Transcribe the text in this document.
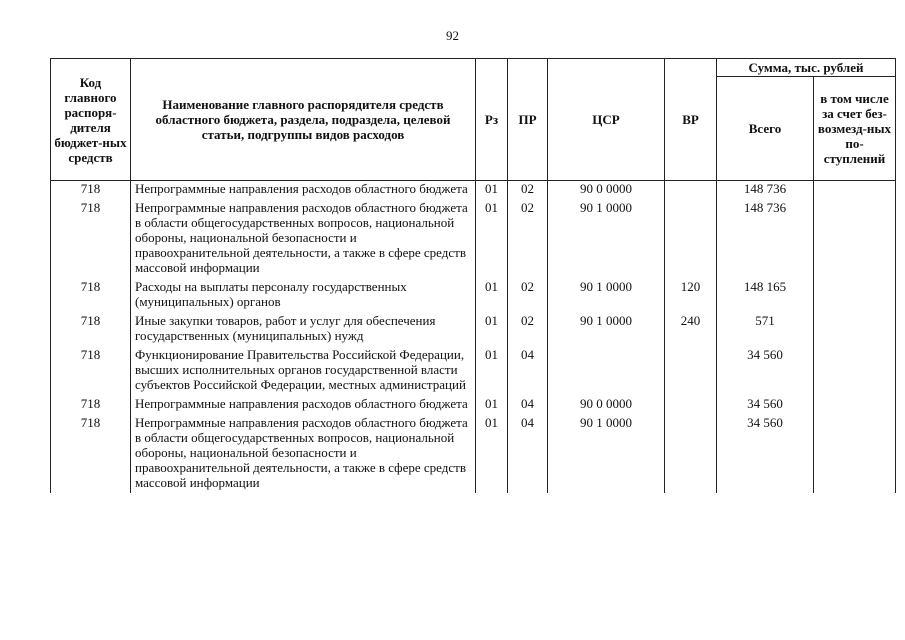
92
Код главного распоря-дителя бюджет-ных средств	Наименование главного распорядителя средств областного бюджета, раздела, подраздела, целевой статьи, подгруппы видов расходов	Рз	ПР	ЦСР	ВР	Сумма, тыс. рублей	
						Всего	в том числе за счет без-возмезд-ных по-ступлений
718	Непрограммные направления расходов областного бюджета	01	02	90 0 0000		148 736	
718	Непрограммные направления расходов областного бюджета в области общегосударственных вопросов, национальной обороны, национальной безопасности и правоохранительной деятельности, а также в сфере средств массовой информации	01	02	90 1 0000		148 736	
718	Расходы на выплаты персоналу государственных (муниципальных) органов	01	02	90 1 0000	120	148 165	
718	Иные закупки товаров, работ и услуг для обеспечения государственных (муниципальных) нужд	01	02	90 1 0000	240	571	
718	Функционирование Правительства Российской Федерации, высших исполнительных органов государственной власти субъектов Российской Федерации, местных администраций	01	04			34 560	
718	Непрограммные направления расходов областного бюджета	01	04	90 0 0000		34 560	
718	Непрограммные направления расходов областного бюджета в области общегосударственных вопросов, национальной обороны, национальной безопасности и правоохранительной деятельности, а также в сфере средств массовой информации	01	04	90 1 0000		34 560	
